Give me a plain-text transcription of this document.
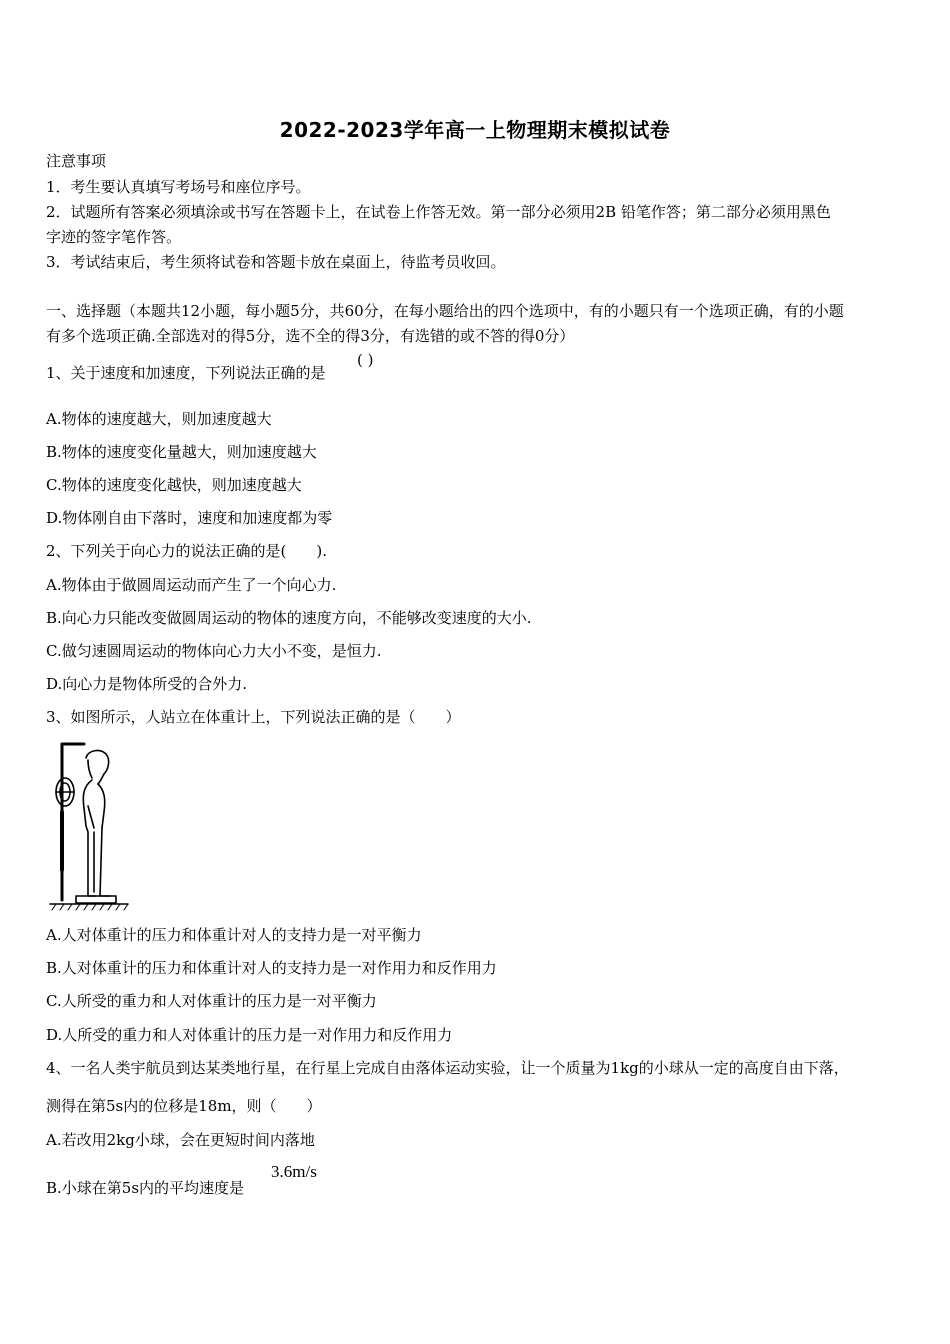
2022-2023学年高一上物理期末模拟试卷
注意事项
1．考生要认真填写考场号和座位序号。
2．试题所有答案必须填涂或书写在答题卡上，在试卷上作答无效。第一部分必须用2B 铅笔作答；第二部分必须用黑色
字迹的签字笔作答。
3．考试结束后，考生须将试卷和答题卡放在桌面上，待监考员收回。
一、选择题（本题共12小题，每小题5分，共60分，在每小题给出的四个选项中，有的小题只有一个选项正确，有的小题
有多个选项正确.全部选对的得5分，选不全的得3分，有选错的或不答的得0分）
1、关于速度和加速度，下列说法正确的是
( )
A.物体的速度越大，则加速度越大
B.物体的速度变化量越大，则加速度越大
C.物体的速度变化越快，则加速度越大
D.物体刚自由下落时，速度和加速度都为零
2、下列关于向心力的说法正确的是(　　).
A.物体由于做圆周运动而产生了一个向心力.
B.向心力只能改变做圆周运动的物体的速度方向，不能够改变速度的大小.
C.做匀速圆周运动的物体向心力大小不变，是恒力.
D.向心力是物体所受的合外力.
3、如图所示，人站立在体重计上，下列说法正确的是（　　）
A.人对体重计的压力和体重计对人的支持力是一对平衡力
B.人对体重计的压力和体重计对人的支持力是一对作用力和反作用力
C.人所受的重力和人对体重计的压力是一对平衡力
D.人所受的重力和人对体重计的压力是一对作用力和反作用力
4、一名人类宇航员到达某类地行星，在行星上完成自由落体运动实验，让一个质量为1kg的小球从一定的高度自由下落，
测得在第5s内的位移是18m，则（　　）
A.若改用2kg小球，会在更短时间内落地
B.小球在第5s内的平均速度是
3.6m/s
